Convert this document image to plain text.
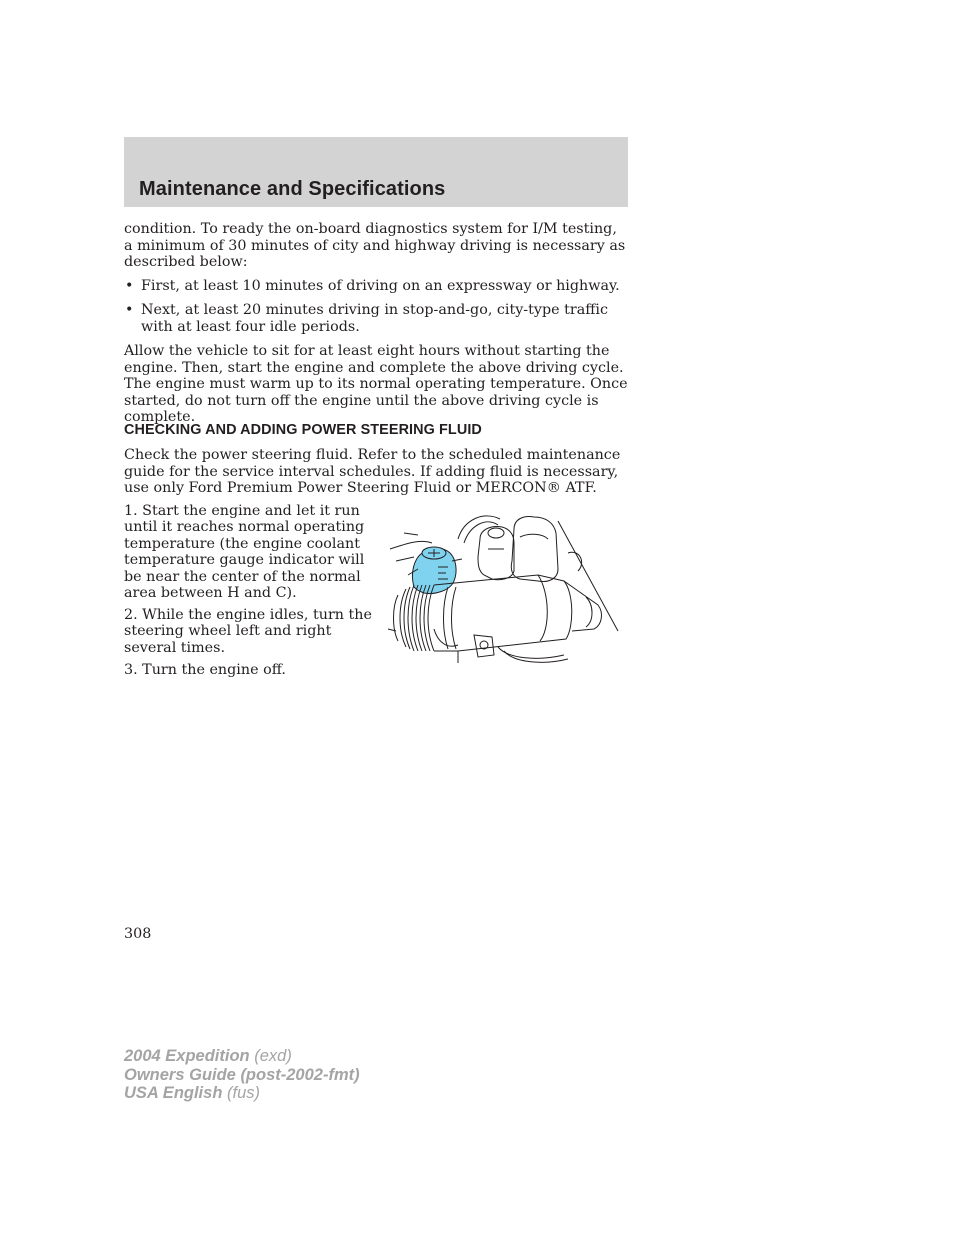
Maintenance and Specifications

condition. To ready the on-board diagnostics system for I/M testing, a minimum of 30 minutes of city and highway driving is necessary as described below:

• First, at least 10 minutes of driving on an expressway or highway.

• Next, at least 20 minutes driving in stop-and-go, city-type traffic with at least four idle periods.

Allow the vehicle to sit for at least eight hours without starting the engine. Then, start the engine and complete the above driving cycle. The engine must warm up to its normal operating temperature. Once started, do not turn off the engine until the above driving cycle is complete.

CHECKING AND ADDING POWER STEERING FLUID

Check the power steering fluid. Refer to the scheduled maintenance guide for the service interval schedules. If adding fluid is necessary, use only Ford Premium Power Steering Fluid or MERCON® ATF.

1. Start the engine and let it run until it reaches normal operating temperature (the engine coolant temperature gauge indicator will be near the center of the normal area between H and C).

2. While the engine idles, turn the steering wheel left and right several times.

3. Turn the engine off.

308

2004 Expedition (exd)
Owners Guide (post-2002-fmt)
USA English (fus)
